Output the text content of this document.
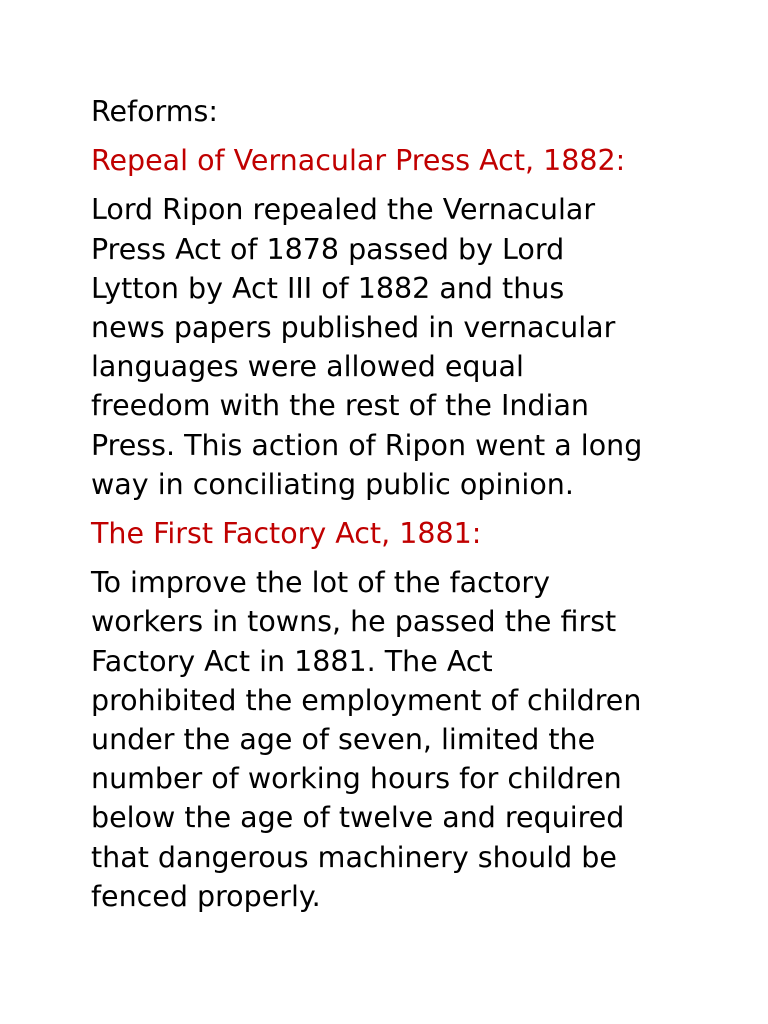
Reforms:

Repeal of Vernacular Press Act, 1882:

Lord Ripon repealed the Vernacular
Press Act of 1878 passed by Lord
Lytton by Act III of 1882 and thus
news papers published in vernacular
languages were allowed equal
freedom with the rest of the Indian
Press. This action of Ripon went a long
way in conciliating public opinion.

The First Factory Act, 1881:

To improve the lot of the factory
workers in towns, he passed the first
Factory Act in 1881. The Act
prohibited the employment of children
under the age of seven, limited the
number of working hours for children
below the age of twelve and required
that dangerous machinery should be
fenced properly.
